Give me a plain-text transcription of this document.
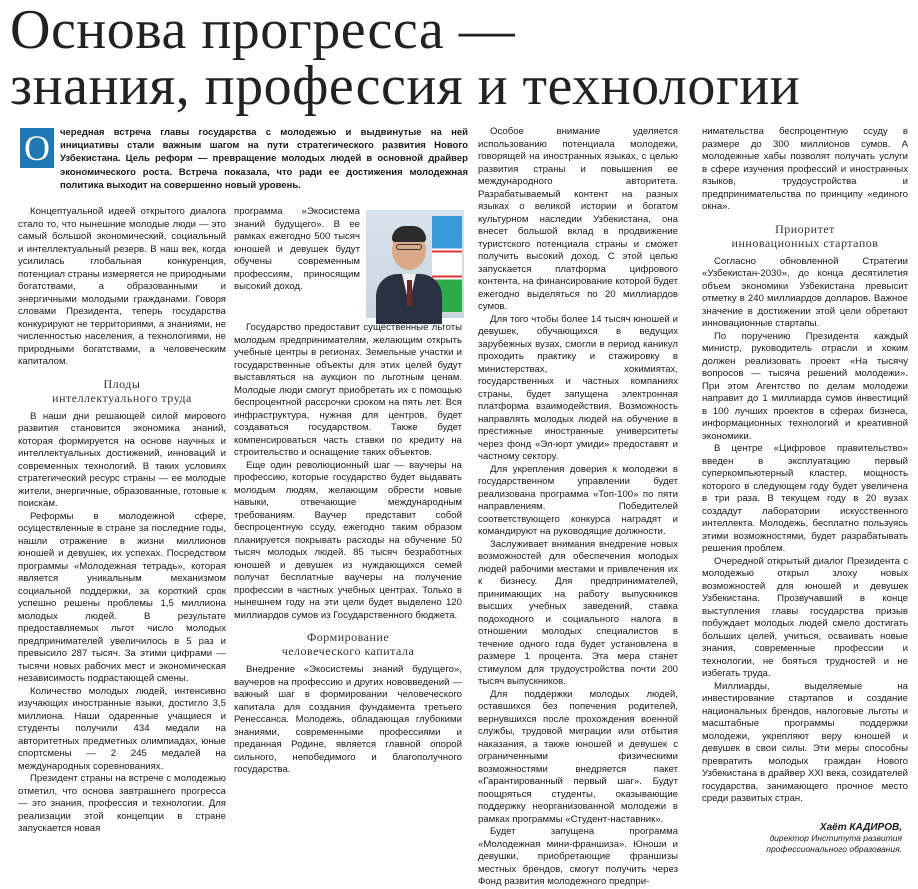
Основа прогресса —
знания, профессия и технологии
О	чередная встреча главы государства с молодежью и выдвинутые на ней инициативы стали важным шагом на пути стратегического развития Нового Узбекистана. Цель реформ — превращение молодых людей в основной драйвер экономического роста. Встреча показала, что ради ее достижения молодежная политика выходит на совершенно новый уровень.

Концептуальной идеей открытого диалога стало то, что нынешние молодые люди — это самый большой экономический, социальный и интеллектуальный резерв. В наш век, когда усилилась глобальная конкуренция, потенциал страны измеряется не природными богатствами, а образованными и энергичными молодыми гражданами. Говоря словами Президента, теперь государства конкурируют не территориями, а знаниями, не численностью населения, а технологиями, не природными богатствами, а человеческим капиталом.

Плоды
интеллектуального труда

В наши дни решающей силой мирового развития становится экономика знаний, которая формируется на основе научных и интеллектуальных достижений, инноваций и современных технологий. В таких условиях стратегический ресурс страны — ее молодые жители, энергичные, образованные, готовые к поискам.

Реформы в молодежной сфере, осуществленные в стране за последние годы, нашли отражение в жизни миллионов юношей и девушек, их успехах. Посредством программы «Молодежная тетрадь», которая является уникальным механизмом социальной поддержки, за короткий срок успешно решены проблемы 1,5 миллиона молодых людей. В результате предоставляемых льгот число молодых предпринимателей увеличилось в 5 раз и превысило 287 тысяч. За этими цифрами — тысячи новых рабочих мест и экономическая независимость подрастающей смены.

Количество молодых людей, интенсивно изучающих иностранные языки, достигло 3,5 миллиона. Наши одаренные учащиеся и студенты получили 434 медали на авторитетных предметных олимпиадах, юные спортсмены — 2 245 медалей на международных соревнованиях.

Президент страны на встрече с молодежью отметил, что основа завтрашнего прогресса — это знания, профессия и технологии. Для реализации этой концепции в стране запускается новая

программа «Экосистема знаний будущего». В ее рамках ежегодно 500 тысяч юношей и девушек будут обучены современным профессиям, приносящим высокий доход.

Государство предоставит существенные льготы молодым предпринимателям, желающим открыть учебные центры в регионах. Земельные участки и государственные объекты для этих целей будут выставляться на аукцион по льготным ценам. Молодые люди смогут приобретать их с помощью беспроцентной рассрочки сроком на пять лет. Вся инфраструктура, нужная для центров, будет создаваться государством. Также будет компенсироваться часть ставки по кредиту на строительство и оснащение таких объектов.

Еще один революционный шаг — ваучеры на профессию, которые государство будет выдавать молодым людям, желающим обрести новые навыки, отвечающие международным требованиям. Ваучер представит собой беспроцентную ссуду, ежегодно таким образом планируется покрывать расходы на обучение 50 тысяч молодых людей. 85 тысяч безработных юношей и девушек из нуждающихся семей получат бесплатные ваучеры на получение профессии в частных учебных центрах. Только в нынешнем году на эти цели будет выделено 120 миллиардов сумов из Государственного бюджета.

Формирование
человеческого капитала

Внедрение «Экосистемы знаний будущего», ваучеров на профессию и других нововведений — важный шаг в формировании человеческого капитала для создания фундамента третьего Ренессанса. Молодежь, обладающая глубокими знаниями, современными профессиями и преданная Родине, является главной опорой сильного, непобедимого и благополучного государства.

Особое внимание уделяется использованию потенциала молодежи, говорящей на иностранных языках, с целью развития страны и повышения ее международного авторитета. Разрабатываемый контент на разных языках о великой истории и богатом культурном наследии Узбекистана, она внесет большой вклад в продвижение туристского потенциала страны и сможет получить высокий доход. С этой целью запускается платформа цифрового контента, на финансирование которой будет ежегодно выделяться по 20 миллиардов сумов.

Для того чтобы более 14 тысяч юношей и девушек, обучающихся в ведущих зарубежных вузах, смогли в период каникул проходить практику и стажировку в министерствах, хокимиятах, государственных и частных компаниях страны, будет запущена электронная платформа взаимодействия. Возможность направлять молодых людей на обучение в престижные иностранные университеты через фонд «Эл-юрт умиди» предоставят и частному сектору.

Для укрепления доверия к молодежи в государственном управлении будет реализована программа «Топ-100» по пяти направлениям. Победителей соответствующего конкурса наградят и командируют на руководящие должности.

Заслуживает внимания внедрение новых возможностей для обеспечения молодых людей рабочими местами и привлечения их к бизнесу. Для предпринимателей, принимающих на работу выпускников высших учебных заведений, ставка подоходного и социального налога в отношении молодых специалистов в течение одного года будет установлена в размере 1 процента. Эта мера станет стимулом для трудоустройства почти 200 тысяч выпускников.

Для поддержки молодых людей, оставшихся без попечения родителей, вернувшихся после прохождения военной службы, трудовой миграции или отбытия наказания, а также юношей и девушек с ограниченными физическими возможностями внедряется пакет «Гарантированный первый шаг». Будут поощряться студенты, оказывающие поддержку неорганизованной молодежи в рамках программы «Студент-наставник».

Будет запущена программа «Молодежная мини-франшиза». Юноши и девушки, приобретающие франшизы местных брендов, смогут получить через Фонд развития молодежного предпри-

нимательства беспроцентную ссуду в размере до 300 миллионов сумов. А молодежные хабы позволят получать услуги в сфере изучения профессий и иностранных языков, трудоустройства и предпринимательства по принципу «единого окна».

Приоритет
инновационных стартапов

Согласно обновленной Стратегии «Узбекистан-2030», до конца десятилетия объем экономики Узбекистана превысит отметку в 240 миллиардов долларов. Важное значение в достижении этой цели обретают инновационные стартапы.

По поручению Президента каждый министр, руководитель отрасли и хоким должен реализовать проект «На тысячу вопросов — тысяча решений молодежи». При этом Агентство по делам молодежи направит до 1 миллиарда сумов инвестиций в 100 лучших проектов в сферах бизнеса, информационных технологий и креативной экономики.

В центре «Цифровое правительство» введен в эксплуатацию первый суперкомпьютерный кластер, мощность которого в следующем году будет увеличена в три раза. В текущем году в 20 вузах создадут лаборатории искусственного интеллекта. Молодежь, бесплатно пользуясь этими возможностями, будет разрабатывать решения проблем.

Очередной открытый диалог Президента с молодежью открыл злоху новых возможностей для юношей и девушек Узбекистана. Прозвучавший в конце выступления главы государства призыв побуждает молодых людей смело достигать больших целей, учиться, осваивать новые знания, современные профессии и технологии, не бояться трудностей и не избегать труда.

Миллиарды, выделяемые на инвестирование стартапов и создание национальных брендов, налоговые льготы и масштабные программы поддержки молодежи, укрепляют веру юношей и девушек в свои силы. Эти меры способны превратить молодых граждан Нового Узбекистана в драйвер XXI века, созидателей государства, занимающего прочное место среди развитых стран.

Хаёт КАДИРОВ,
директор Института развития
профессионального образования.
